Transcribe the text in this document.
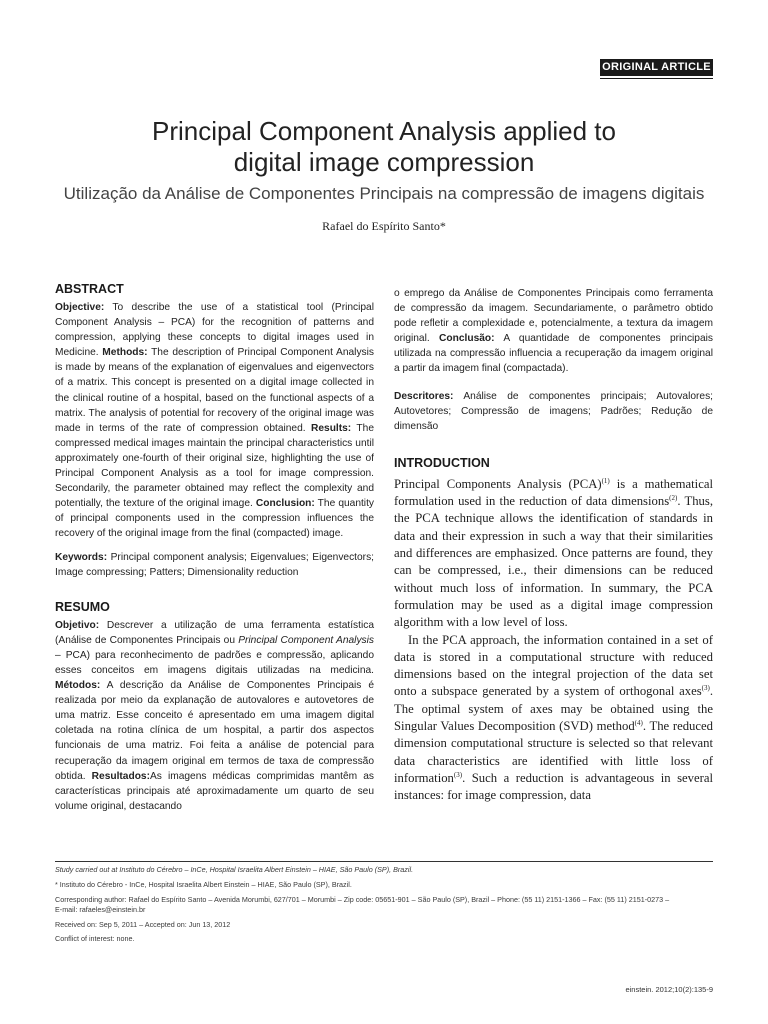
ORIGINAL ARTICLE
Principal Component Analysis applied to
digital image compression
Utilização da Análise de Componentes Principais na compressão de imagens digitais
Rafael do Espírito Santo*
ABSTRACT

Objective: To describe the use of a statistical tool (Principal Component Analysis – PCA) for the recognition of patterns and compression, applying these concepts to digital images used in Medicine. Methods: The description of Principal Component Analysis is made by means of the explanation of eigenvalues and eigenvectors of a matrix. This concept is presented on a digital image collected in the clinical routine of a hospital, based on the functional aspects of a matrix. The analysis of potential for recovery of the original image was made in terms of the rate of compression obtained. Results: The compressed medical images maintain the principal characteristics until approximately one-fourth of their original size, highlighting the use of Principal Component Analysis as a tool for image compression. Secondarily, the parameter obtained may reflect the complexity and potentially, the texture of the original image. Conclusion: The quantity of principal components used in the compression influences the recovery of the original image from the final (compacted) image.

Keywords: Principal component analysis; Eigenvalues; Eigenvectors; Image compressing; Patters; Dimensionality reduction

RESUMO

Objetivo: Descrever a utilização de uma ferramenta estatística (Análise de Componentes Principais ou Principal Component Analysis – PCA) para reconhecimento de padrões e compressão, aplicando esses conceitos em imagens digitais utilizadas na medicina. Métodos: A descrição da Análise de Componentes Principais é realizada por meio da explanação de autovalores e autovetores de uma matriz. Esse conceito é apresentado em uma imagem digital coletada na rotina clínica de um hospital, a partir dos aspectos funcionais de uma matriz. Foi feita a análise de potencial para recuperação da imagem original em termos de taxa de compressão obtida. Resultados:As imagens médicas comprimidas mantêm as características principais até aproximadamente um quarto de seu volume original, destacando

o emprego da Análise de Componentes Principais como ferramenta de compressão da imagem. Secundariamente, o parâmetro obtido pode refletir a complexidade e, potencialmente, a textura da imagem original. Conclusão: A quantidade de componentes principais utilizada na compressão influencia a recuperação da imagem original a partir da imagem final (compactada).

Descritores: Análise de componentes principais; Autovalores; Autovetores; Compressão de imagens; Padrões; Redução de dimensão

INTRODUCTION

Principal Components Analysis (PCA)$^{(1)}$ is a mathematical formulation used in the reduction of data dimensions$^{(2)}$. Thus, the PCA technique allows the identification of standards in data and their expression in such a way that their similarities and differences are emphasized. Once patterns are found, they can be compressed, i.e., their dimensions can be reduced without much loss of information. In summary, the PCA formulation may be used as a digital image compression algorithm with a low level of loss.

In the PCA approach, the information contained in a set of data is stored in a computational structure with reduced dimensions based on the integral projection of the data set onto a subspace generated by a system of orthogonal axes$^{(3)}$. The optimal system of axes may be obtained using the Singular Values Decomposition (SVD) method$^{(4)}$. The reduced dimension computational structure is selected so that relevant data characteristics are identified with little loss of information$^{(3)}$. Such a reduction is advantageous in several instances: for image compression, data

Study carried out at Instituto do Cérebro – InCe, Hospital Israelita Albert Einstein – HIAE, São Paulo (SP), Brazil.
* Instituto do Cérebro - InCe, Hospital Israelita Albert Einstein – HIAE, São Paulo (SP), Brazil.
Corresponding author: Rafael do Espírito Santo – Avenida Morumbi, 627/701 – Morumbi – Zip code: 05651-901 – São Paulo (SP), Brazil – Phone: (55 11) 2151-1366 – Fax: (55 11) 2151-0273 –
E-mail: rafaeles@einstein.br
Received on: Sep 5, 2011 – Accepted on: Jun 13, 2012
Conflict of interest: none.
einstein. 2012;10(2):135-9
